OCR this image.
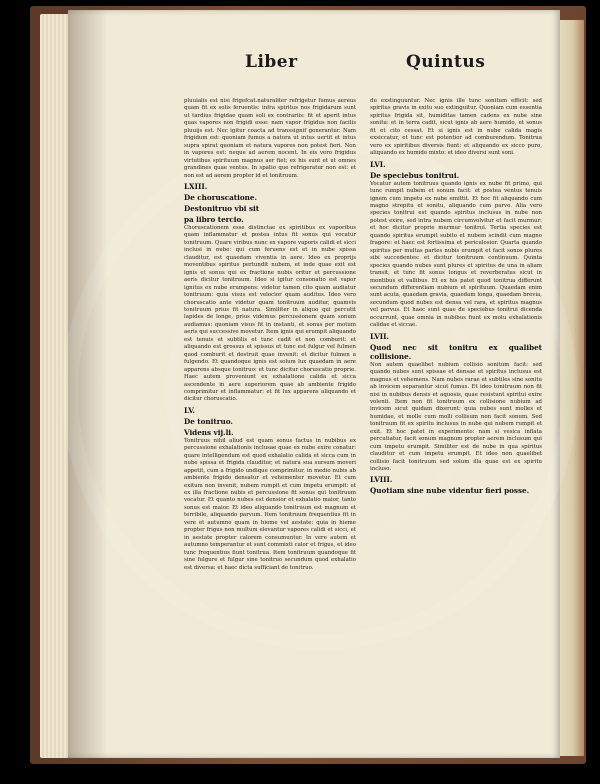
Liber	Quintus
pluuialis est nisi frigefcat.naturaliter refrigetur fumus aereus quam fit ex solis feruentis: infra spiritus nos frigidarum sunt ut tardius frigidae quam soli ex contrariis: fit et aperit intus quas vapores non frigidi esse: nam vapor frigidus non facilis pluuijs est. Nec igitur coacta ad transsignif generantur. Nam frigidum est: quoniam fumus a natura ut intus uertit et intus supra spirat quoniam et natura vapores non potest fieri. Non in vapores est: neque ad aerem nocent. In eis vero frigidus virtutibus spirituum magnus aer fiet; ex his sunt et ut omnes grandines quae ventus. In spatio que refrigeratur non est: et non est ad aerem propter id et tonitruum.
LXIII.
De choruscatione.
Destonitruo vbi sit
pa libro tercio.
Choruscationem esse distinctae ex spiritibus ex vaporibus quam inflammatur et postea intus fit sonus qui vocatur tonitruum. Quare viribus nunc ex vapore vaporis calidi et sicci inclusi in nube: qui cum feruens est et in nube spissa clauditur, est quaedam viventia in aere. Ideo ex proprijs moventibus spiritus pertundit nubem, et inde quae exit est ignis et sonus qui ex fractione nubis oritur et percussione aeris dicitur tonitruum. Ideo si igitur consonatio est vapor ignitus ex nube erumpens: videtur tamen cito quam audiatur tonitruum: quia visus est velocior quam auditus. Ideo vero choruscatio ante videtur quam tonitruum auditur, quamvis tonitruum prius fit natura. Similiter in aliquo qui percutit lapides de longe, prius videmus percussionem quam sonum audiamus: quoniam visus fit in instanti, et sonus per motum aeris qui successive movetur. Item ignis qui erumpit aliquando est tenuis et subtilis et tunc cadit et non comburit: et aliquando est grossus et spissus et tunc est fulgur vel fulmen quod comburit et destruit quae invenit: et dicitur fulmen a fulgendo. Et quandoque ignis est solum lux quaedam in aere apparens absque tonitruo: et tunc dicitur choruscatio proprie. Haec autem proveniunt ex exhalatione calida et sicca ascendente in aere superiorem quae ab ambiente frigido comprimitur et inflammatur: et fit lux apparens aliquando et dicitur choruscatio.
LV.
De tonitruo.
Videns vij.li.
Tonitruus nihil aliud est quam sonus factus in nubibus ex percussione exhalationis inclusae quae ex nube exire conatur: quare intelligendum est quod exhalatio calida et sicca cum in nube spissa et frigida clauditur, et natura sua sursum moveri appetit, cum a frigido undique comprimitur, in medio nubis ab ambiente frigido densatur et vehementer movetur. Et cum exitum non invenit, nubem rumpit et cum impetu erumpit: et ex illa fractione nubis et percussione fit sonus qui tonitruum vocatur. Et quanto nubes est densior et exhalatio maior, tanto sonus est maior. Et ideo aliquando tonitruum est magnum et terribile, aliquando parvum. Item tonitruum frequentius fit in vere et autumno quam in hieme vel aestate: quia in hieme propter frigus non multum elevantur vapores calidi et sicci, et in aestate propter calorem consumuntur. In vere autem et autumno temperantur et sunt commixti calor et frigus, et ideo tunc frequentius fiunt tonitrua. Item tonitruum quandoque fit sine fulgure et fulgur sine tonitruo secundum quod exhalatio est diversa: et haec dicta sufficiant de tonitruo.
du exstinguuntur. Nec ignis ille tunc sonitum efficit: sed spiritus gravis in exitu suo extinguitur. Quoniam cum essentia spiritus frigida sit, humiditas tamen cadens ex nube sine sonitu: et in terra cadit, sicut ignis ab aere humido, et sonus fit et cito cessat. Et si ignis est in nube calida magis exsiccatur, et tunc est potentior ad comburendum. Tonitrua vero ex spiritibus diversis fiunt: et aliquando ex sicco puro, aliquando ex humido mixto: et ideo diversi sunt soni.
LVI.
De speciebus tonitrui.
Vocatur autem tonitruus quando ignis ex nube fit primo, qui tunc rumpit nubem et sonum facit: et postea ventus tenuis ignem cum impetu ex nube emittit. Et hoc fit aliquando cum magno strepitu et sonitu, aliquando cum parvo. Alia vero species tonitrui est quando spiritus inclusus in nube non potest exire, sed intra nubem circumvolvitur et facit murmur: et hoc dicitur proprie murmur tonitrui. Tertia species est quando spiritus erumpit subito et nubem scindit cum magno fragore: et haec est fortissima et periculosior. Quarta quando spiritus per multas partes nubis erumpit et facit sonos plures sibi succedentes: et dicitur tonitruum continuum. Quinta species quando nubes sunt plures et spiritus de una in aliam transit, et tunc fit sonus longus et reverberatus sicut in montibus et vallibus. Et ex his patet quod tonitrua differunt secundum differentiam nubium et spirituum. Quaedam enim sunt acuta, quaedam gravia, quaedam longa, quaedam brevia, secundum quod nubes est densa vel rara, et spiritus magnus vel parvus. Et haec sunt quae de speciebus tonitrui dicenda occurrunt, quae omnia in nubibus fiunt ex motu exhalationis calidae et siccae.
LVII.
Quod nec sit tonitru ex qualibet collisione.
Non autem quaelibet nubium collisio sonitum facit: sed quando nubes sunt spissae et densae et spiritus inclusus est magnus et vehemens. Nam nubes rarae et subtiles sine sonitu ab invicem separantur sicut fumus. Et ideo tonitruum non fit nisi in nubibus densis et aquosis, quae resistunt spiritui exire volenti. Item non fit tonitruum ex collisione nubium ad invicem sicut quidam dixerunt: quia nubes sunt molles et humidae, et molle cum molli collisum non facit sonum. Sed tonitruum fit ex spiritu inclusus in nube qui nubem rumpit et exit. Et hoc patet in experimento: nam si vesica inflata percutiatur, facit sonum magnum propter aerem inclusum qui cum impetu erumpit. Similiter est de nube in qua spiritus clauditur et cum impetu erumpit. Et ideo non quaelibet collisio facit tonitruum sed solum illa quae est ex spiritu incluso.
LVIII.
Quotiam sine nube videntur fieri posse.
